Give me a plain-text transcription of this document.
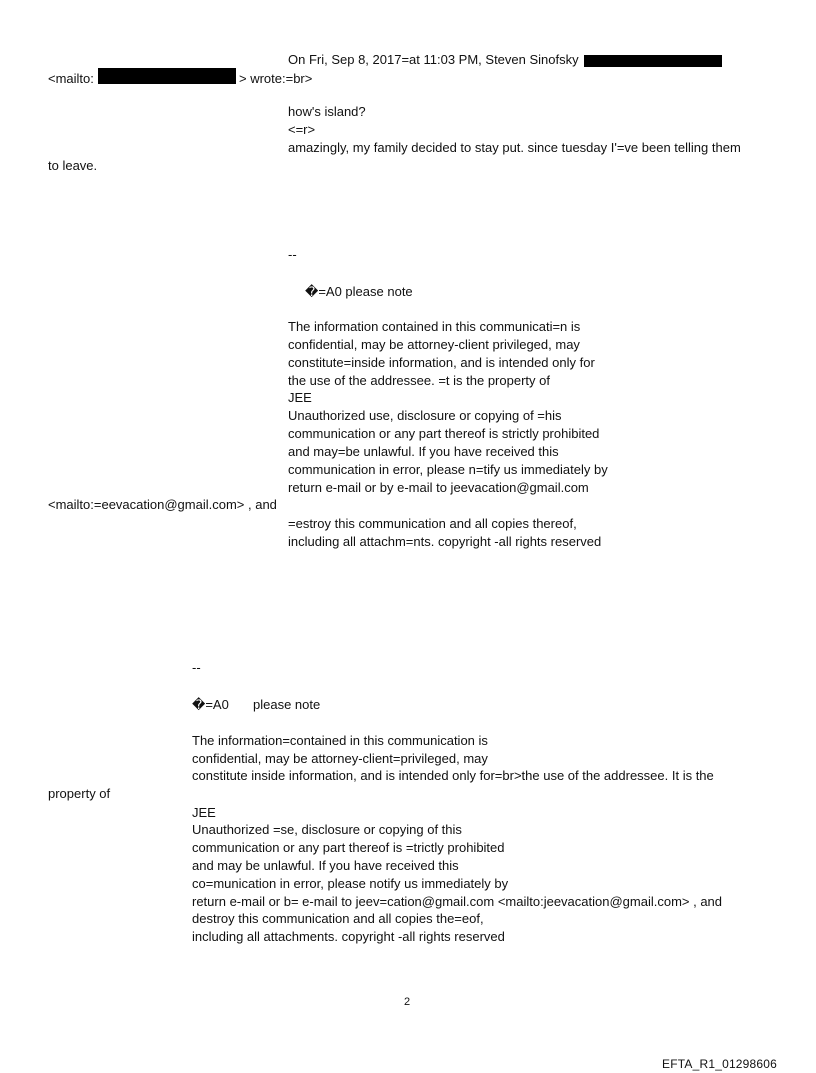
On Fri, Sep 8, 2017=at 11:03 PM, Steven Sinofsky
<mailto:	> wrote:=br>
how's island?
<=r>
amazingly, my family decided to stay put. since tuesday I'=ve been telling them
to leave.
--
�=A0 please note
The information contained in this communicati=n is
confidential, may be attorney-client privileged, may
constitute=inside information, and is intended only for
the use of the addressee. =t is the property of
JEE
Unauthorized use, disclosure or copying of =his
communication or any part thereof is strictly prohibited
and may=be unlawful. If you have received this
communication in error, please n=tify us immediately by
return e-mail or by e-mail to jeevacation@gmail.com
<mailto:=eevacation@gmail.com> , and
=estroy this communication and all copies thereof,
including all attachm=nts. copyright -all rights reserved
--
�=A0 please note
The information=contained in this communication is
confidential, may be attorney-client=privileged, may
constitute inside information, and is intended only for=br>the use of the addressee. It is the
property of
JEE
Unauthorized =se, disclosure or copying of this
communication or any part thereof is =trictly prohibited
and may be unlawful. If you have received this
co=munication in error, please notify us immediately by
return e-mail or b= e-mail to jeev=cation@gmail.com <mailto:jeevacation@gmail.com> , and
destroy this communication and all copies the=eof,
including all attachments. copyright -all rights reserved
2
EFTA_R1_01298606
